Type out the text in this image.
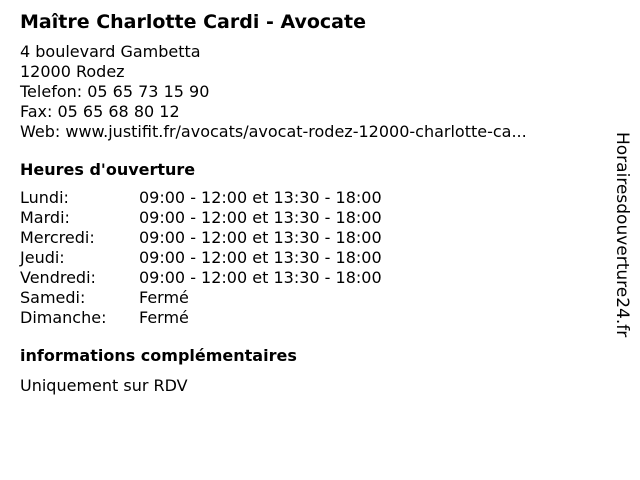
Maître Charlotte Cardi - Avocate
4 boulevard Gambetta
12000 Rodez
Telefon: 05 65 73 15 90
Fax: 05 65 68 80 12
Web: www.justifit.fr/avocats/avocat-rodez-12000-charlotte-ca...
Heures d'ouverture
Lundi:	09:00 - 12:00 et 13:30 - 18:00
Mardi:	09:00 - 12:00 et 13:30 - 18:00
Mercredi:	09:00 - 12:00 et 13:30 - 18:00
Jeudi:	09:00 - 12:00 et 13:30 - 18:00
Vendredi:	09:00 - 12:00 et 13:30 - 18:00
Samedi:	Fermé
Dimanche:	Fermé
informations complémentaires
Uniquement sur RDV
Horairesdouverture24.fr
